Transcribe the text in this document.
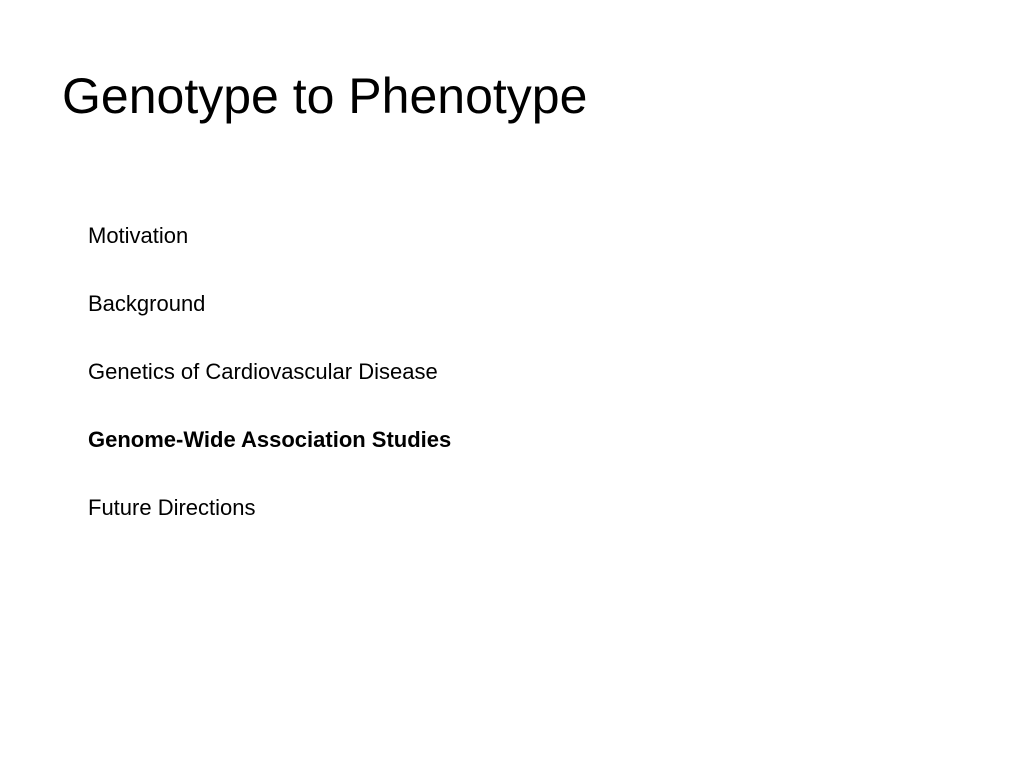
Genotype to Phenotype
Motivation
Background
Genetics of Cardiovascular Disease
Genome-Wide Association Studies
Future Directions
